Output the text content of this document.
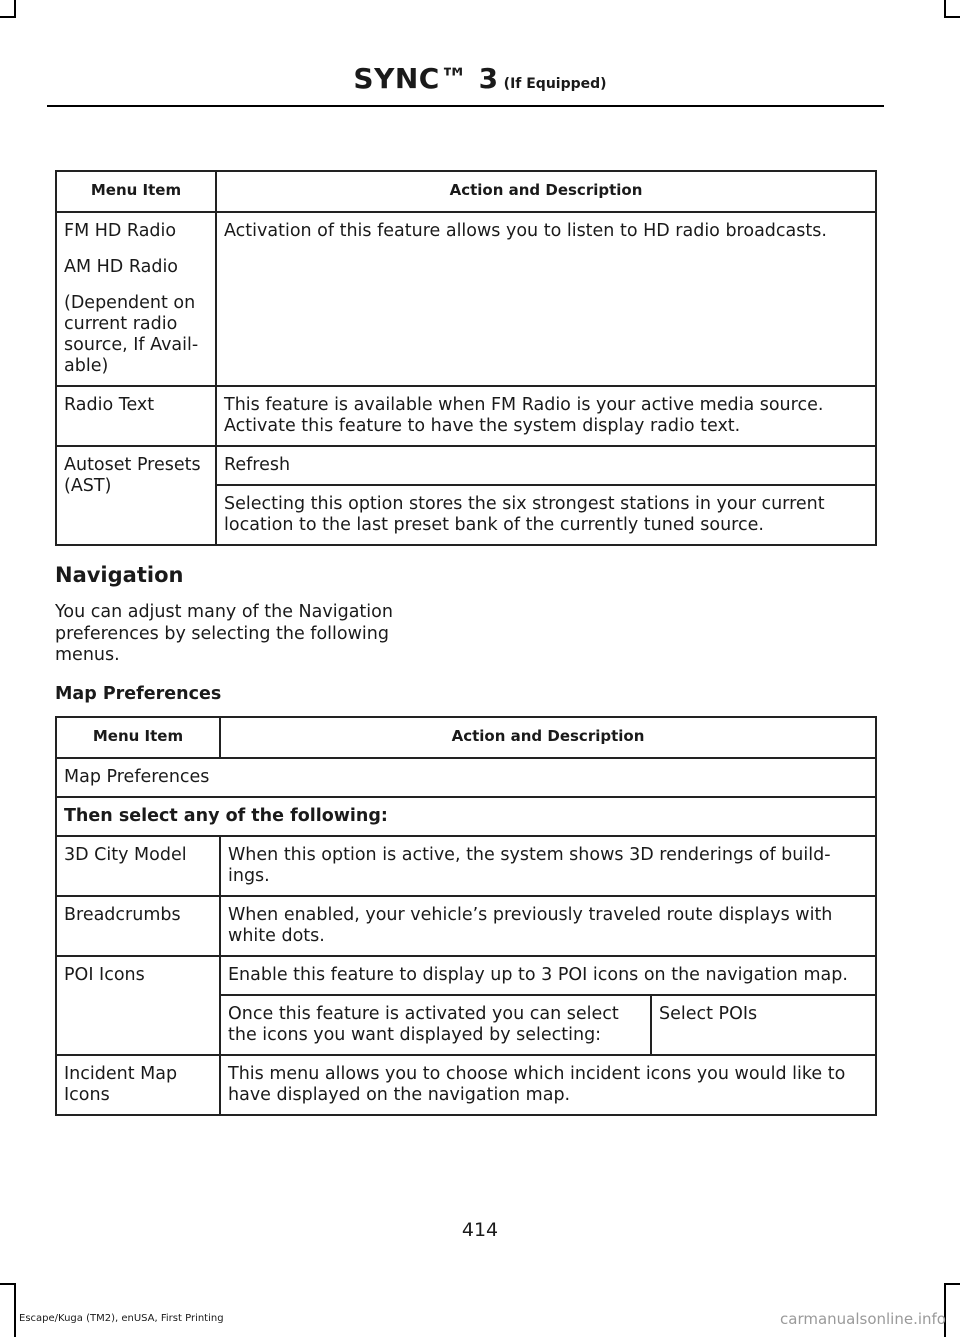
SYNC™ 3 (If Equipped)
Menu Item	Action and Description

FM HD Radio

AM HD Radio

(Dependent on current radio source, If Avail-able)	Activation of this feature allows you to listen to HD radio broadcasts.
Radio Text	This feature is available when FM Radio is your active media source. Activate this feature to have the system display radio text.
Autoset Presets (AST)	Refresh
	Selecting this option stores the six strongest stations in your current location to the last preset bank of the currently tuned source.
Navigation

You can adjust many of the Navigation preferences by selecting the following menus.

Map Preferences
Menu Item	Action and Description	
Map Preferences		
Then select any of the following:		
3D City Model	When this option is active, the system shows 3D renderings of build-ings.	
Breadcrumbs	When enabled, your vehicle’s previously traveled route displays with white dots.	
POI Icons	Enable this feature to display up to 3 POI icons on the navigation map.	
	Once this feature is activated you can select the icons you want displayed by selecting:	Select POIs
Incident Map Icons	This menu allows you to choose which incident icons you would like to have displayed on the navigation map.	
414
Escape/Kuga (TM2), enUSA, First Printing	carmanualsonline.info
